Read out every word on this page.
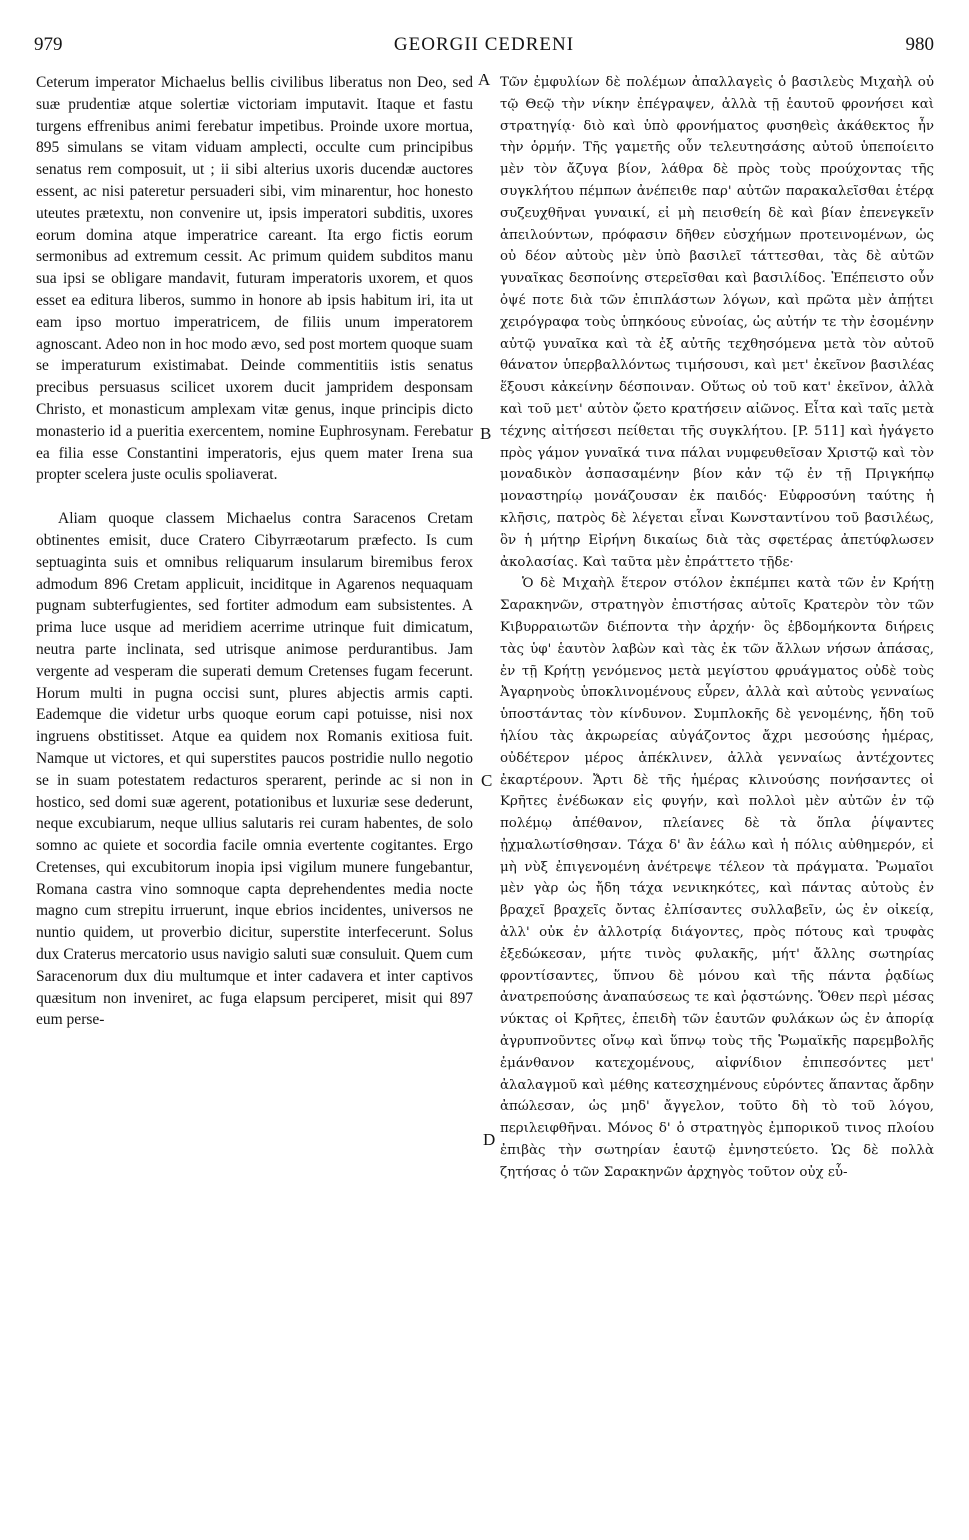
979	GEORGII CEDRENI	980

Ceterum imperator Michaelus bellis civilibus liberatus non Deo, sed suæ prudentiæ atque solertiæ victoriam imputavit. Itaque et fastu turgens effrenibus animi ferebatur impetibus. Proinde uxore mortua, 895 simulans se vitam viduam amplecti, occulte cum principibus senatus rem composuit, ut ; ii sibi alterius uxoris ducendæ auctores essent, ac nisi pateretur persuaderi sibi, vim minarentur, hoc honesto uteutes prætextu, non convenire ut, ipsis imperatori subditis, uxores eorum domina atque imperatrice careant. Ita ergo fictis eorum sermonibus ad extremum cessit. Ac primum quidem subditos manu sua ipsi se obligare mandavit, futuram imperatoris uxorem, et quos esset ea editura liberos, summo in honore ab ipsis habitum iri, ita ut eam ipso mortuo imperatricem, de filiis unum imperatorem agnoscant. Adeo non in hoc modo ævo, sed post mortem quoque suam se imperaturum existimabat. Deinde commentitiis istis senatus precibus persuasus scilicet uxorem ducit jampridem desponsam Christo, et monasticum amplexam vitæ genus, inque principis dicto monasterio id a pueritia exercentem, nomine Euphrosynam. Ferebatur ea filia esse Constantini imperatoris, ejus quem mater Irena sua propter scelera juste oculis spoliaverat.

Aliam quoque classem Michaelus contra Saracenos Cretam obtinentes emisit, duce Cratero Cibyrræotarum præfecto. Is cum septuaginta suis et omnibus reliquarum insularum biremibus ferox admodum 896 Cretam applicuit, inciditque in Agarenos nequaquam pugnam subterfugientes, sed fortiter admodum eam subsistentes. A prima luce usque ad meridiem acerrime utrinque fuit dimicatum, neutra parte inclinata, sed utrisque animose perdurantibus. Jam vergente ad vesperam die superati demum Cretenses fugam fecerunt. Horum multi in pugna occisi sunt, plures abjectis armis capti. Eademque die videtur urbs quoque eorum capi potuisse, nisi nox ingruens obstitisset. Atque ea quidem nox Romanis exitiosa fuit. Namque ut victores, et qui superstites paucos postridie nullo negotio se in suam potestatem redacturos sperarent, perinde ac si non in hostico, sed domi suæ agerent, potationibus et luxuriæ sese dederunt, neque excubiarum, neque ullius salutaris rei curam habentes, de solo somno ac quiete et socordia facile omnia evertente cogitantes. Ergo Cretenses, qui excubitorum inopia ipsi vigilum munere fungebantur, Romana castra vino somnoque capta deprehendentes media nocte magno cum strepitu irruerunt, inque ebrios incidentes, universos ne nuntio quidem, ut proverbio dicitur, superstite interfecerunt. Solus dux Craterus mercatorio usus navigio saluti suæ consuluit. Quem cum Saracenorum dux diu multumque et inter cadavera et inter captivos quæsitum non inveniret, ac fuga elapsum perciperet, misit qui 897 eum perse-

Τῶν ἐμφυλίων δὲ πολέμων ἀπαλλαγεὶς ὁ βασιλεὺς Μιχαὴλ οὐ τῷ Θεῷ τὴν νίκην ἐπέγραψεν, ἀλλὰ τῇ ἑαυτοῦ φρονήσει καὶ στρατηγίᾳ· διὸ καὶ ὑπὸ φρονήματος φυσηθεὶς ἀκάθεκτος ἦν τὴν ὁρμήν. Τῆς γαμετῆς οὖν τελευτησάσης αὐτοῦ ὑπεποίειτο μὲν τὸν ἄζυγα βίον, λάθρα δὲ πρὸς τοὺς προύχοντας τῆς συγκλήτου πέμπων ἀνέπειθε παρ' αὐτῶν παρακαλεῖσθαι ἑτέρᾳ συζευχθῆναι γυναικί, εἰ μὴ πεισθείη δὲ καὶ βίαν ἐπενεγκεῖν ἀπειλούντων, πρόφασιν δῆθεν εὐσχήμων προτεινομένων, ὡς οὐ δέον αὐτοὺς μὲν ὑπὸ βασιλεῖ τάττεσθαι, τὰς δὲ αὐτῶν γυναῖκας δεσποίνης στερεῖσθαι καὶ βασιλίδος. Ἐπέπειστο οὖν ὀψέ ποτε διὰ τῶν ἐπιπλάστων λόγων, καὶ πρῶτα μὲν ἀπῄτει χειρόγραφα τοὺς ὑπηκόους εὐνοίας, ὡς αὐτήν τε τὴν ἐσομένην αὐτῷ γυναῖκα καὶ τὰ ἐξ αὐτῆς τεχθησόμενα μετὰ τὸν αὐτοῦ θάνατον ὑπερβαλλόντως τιμήσουσι, καὶ μετ' ἐκεῖνον βασιλέας ἕξουσι κἀκείνην δέσποιναν. Οὕτως οὐ τοῦ κατ' ἐκεῖνον, ἀλλὰ καὶ τοῦ μετ' αὐτὸν ᾤετο κρατήσειν αἰῶνος. Εἶτα καὶ ταῖς μετὰ τέχνης αἰτήσεσι πείθεται τῆς συγκλήτου. [P. 511] καὶ ἠγάγετο πρὸς γάμον γυναῖκά τινα πάλαι νυμφευθεῖσαν Χριστῷ καὶ τὸν μοναδικὸν ἀσπασαμένην βίον κἀν τῷ ἐν τῇ Πριγκήπῳ μοναστηρίῳ μονάζουσαν ἐκ παιδός· Εὐφροσύνη ταύτης ἡ κλῆσις, πατρὸς δὲ λέγεται εἶναι Κωνσταντίνου τοῦ βασιλέως, ὃν ἡ μήτηρ Εἰρήνη δικαίως διὰ τὰς σφετέρας ἀπετύφλωσεν ἀκολασίας. Καὶ ταῦτα μὲν ἐπράττετο τῇδε·

Ὁ δὲ Μιχαὴλ ἕτερον στόλον ἐκπέμπει κατὰ τῶν ἐν Κρήτῃ Σαρακηνῶν, στρατηγὸν ἐπιστήσας αὐτοῖς Κρατερὸν τὸν τῶν Κιβυρραιωτῶν διέποντα τὴν ἀρχήν· ὃς ἑβδομήκοντα διήρεις τὰς ὑφ' ἑαυτὸν λαβὼν καὶ τὰς ἐκ τῶν ἄλλων νήσων ἁπάσας, ἐν τῇ Κρήτῃ γενόμενος μετὰ μεγίστου φρυάγματος οὐδὲ τοὺς Ἀγαρηνοὺς ὑποκλινομένους εὗρεν, ἀλλὰ καὶ αὐτοὺς γενναίως ὑποστάντας τὸν κίνδυνον. Συμπλοκῆς δὲ γενομένης, ἤδη τοῦ ἡλίου τὰς ἀκρωρείας αὐγάζοντος ἄχρι μεσούσης ἡμέρας, οὐδέτερον μέρος ἀπέκλινεν, ἀλλὰ γενναίως ἀντέχοντες ἐκαρτέρουν. Ἄρτι δὲ τῆς ἡμέρας κλινούσης πονήσαντες οἱ Κρῆτες ἐνέδωκαν εἰς φυγήν, καὶ πολλοὶ μὲν αὐτῶν ἐν τῷ πολέμῳ ἀπέθανον, πλείανες δὲ τὰ ὅπλα ῥίψαντες ᾐχμαλωτίσθησαν. Τάχα δ' ἂν ἑάλω καὶ ἡ πόλις αὐθημερόν, εἰ μὴ νὺξ ἐπιγενομένη ἀνέτρεψε τέλεον τὰ πράγματα. Ῥωμαῖοι μὲν γὰρ ὡς ἤδη τάχα νενικηκότες, καὶ πάντας αὐτοὺς ἐν βραχεῖ βραχεῖς ὄντας ἐλπίσαντες συλλαβεῖν, ὡς ἐν οἰκείᾳ, ἀλλ' οὐκ ἐν ἀλλοτρίᾳ διάγοντες, πρὸς πότους καὶ τρυφὰς ἐξεδώκεσαν, μήτε τινὸς φυλακῆς, μήτ' ἄλλης σωτηρίας φροντίσαντες, ὕπνου δὲ μόνου καὶ τῆς πάντα ῥᾳδίως ἀνατρεπούσης ἀναπαύσεως τε καὶ ῥᾳστώνης. Ὅθεν περὶ μέσας νύκτας οἱ Κρῆτες, ἐπειδὴ τῶν ἑαυτῶν φυλάκων ὡς ἐν ἀπορίᾳ ἀγρυπνοῦντες οἴνῳ καὶ ὕπνῳ τοὺς τῆς Ῥωμαϊκῆς παρεμβολῆς ἐμάνθανον κατεχομένους, αἰφνίδιον ἐπιπεσόντες μετ' ἀλαλαγμοῦ καὶ μέθης κατεσχημένους εὑρόντες ἅπαντας ἄρδην ἀπώλεσαν, ὡς μηδ' ἄγγελον, τοῦτο δὴ τὸ τοῦ λόγου, περιλειφθῆναι. Μόνος δ' ὁ στρατηγὸς ἐμπορικοῦ τινος πλοίου ἐπιβὰς τὴν σωτηρίαν ἑαυτῷ ἐμνηστεύετο. Ὡς δὲ πολλὰ ζητήσας ὁ τῶν Σαρακηνῶν ἀρχηγὸς τοῦτον οὐχ εὗ-

A
B
C
D
